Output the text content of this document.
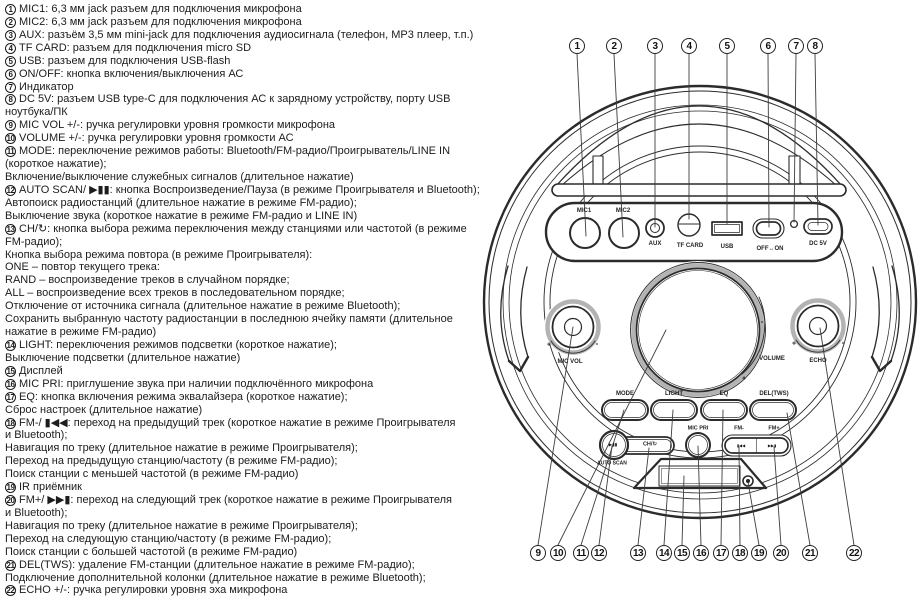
1 MIC1: 6,3 мм jack разъем для подключения микрофона
2 MIC2: 6,3 мм jack разъем для подключения микрофона
3 AUX: разъём 3,5 мм mini-jack для подключения аудиосигнала (телефон, MP3 плеер, т.п.)
4 TF CARD: разъем для подключения micro SD
5 USB: разъем для подключения USB-flash
6 ON/OFF: кнопка включения/выключения АС
7 Индикатор
8 DC 5V: разъем USB type-C для подключения АС к зарядному устройству, порту USB
ноутбука/ПК
9 MIC VOL +/-: ручка регулировки уровня громкости микрофона
10 VOLUME +/-: ручка регулировки уровня громкости АС
11 MODE: переключение режимов работы: Bluetooth/FM-радио/Проигрыватель/LINE IN
(короткое нажатие);
Включение/выключение служебных сигналов (длительное нажатие)
12 AUTO SCAN/ ▶▮▮: кнопка Воспроизведение/Пауза (в режиме Проигрывателя и Bluetooth);
Автопоиск радиостанций (длительное нажатие в режиме FM-радио);
Выключение звука (короткое нажатие в режиме FM-радио и LINE IN)
13 CH/↻: кнопка выбора режима переключения между станциями или частотой (в режиме
FM-радио);
Кнопка выбора режима повтора (в режиме Проигрывателя):
ONE – повтор текущего трека:
RAND – воспроизведение треков в случайном порядке;
ALL – воспроизведение всех треков в последовательном порядке;
Отключение от источника сигнала (длительное нажатие в режиме Bluetooth);
Сохранить выбранную частоту радиостанции в последнюю ячейку памяти (длительное
нажатие в режиме FM-радио)
14 LIGHT: переключения режимов подсветки (короткое нажатие);
Выключение подсветки (длительное нажатие)
15 Дисплей
16 MIC PRI: приглушение звука при наличии подключённого микрофона
17 EQ: кнопка включения режима эквалайзера (короткое нажатие);
Сброс настроек (длительное нажатие)
18 FM-/ ▮◀◀: переход на предыдущий трек (короткое нажатие в режиме Проигрывателя
и Bluetooth);
Навигация по треку (длительное нажатие в режиме Проигрывателя);
Переход на предыдущую станцию/частоту (в режиме FM-радио);
Поиск станции с меньшей частотой (в режиме FM-радио)
19 IR приёмник
20 FM+/ ▶▶▮: переход на следующий трек (короткое нажатие в режиме Проигрывателя
и Bluetooth);
Навигация по треку (длительное нажатие в режиме Проигрывателя);
Переход на следующую станцию/частоту (в режиме FM-радио);
Поиск станции с большей частотой (в режиме FM-радио)
21 DEL(TWS): удаление FM-станции (длительное нажатие в режиме FM-радио);
Подключение дополнительной колонки (длительное нажатие в режиме Bluetooth);
22 ECHO +/-: ручка регулировки уровня эха микрофона
1	2	3	4	5	6	7	8
9	10	11 12	13 14 15 16 17 18 19 20 21	22
MIC1	MIC2
AUX	TF CARD	USB	OFF↔ON
DC 5V
MIC VOL	VOLUME	ECHO
MODE	LIGHT	EQ	DEL(TWS)
AUTO SCAN
CH/↻
MIC PRI	FM-	FM+
▶▮▮	▮◀◀	▶▶▮
+	-
-
+
+	-
